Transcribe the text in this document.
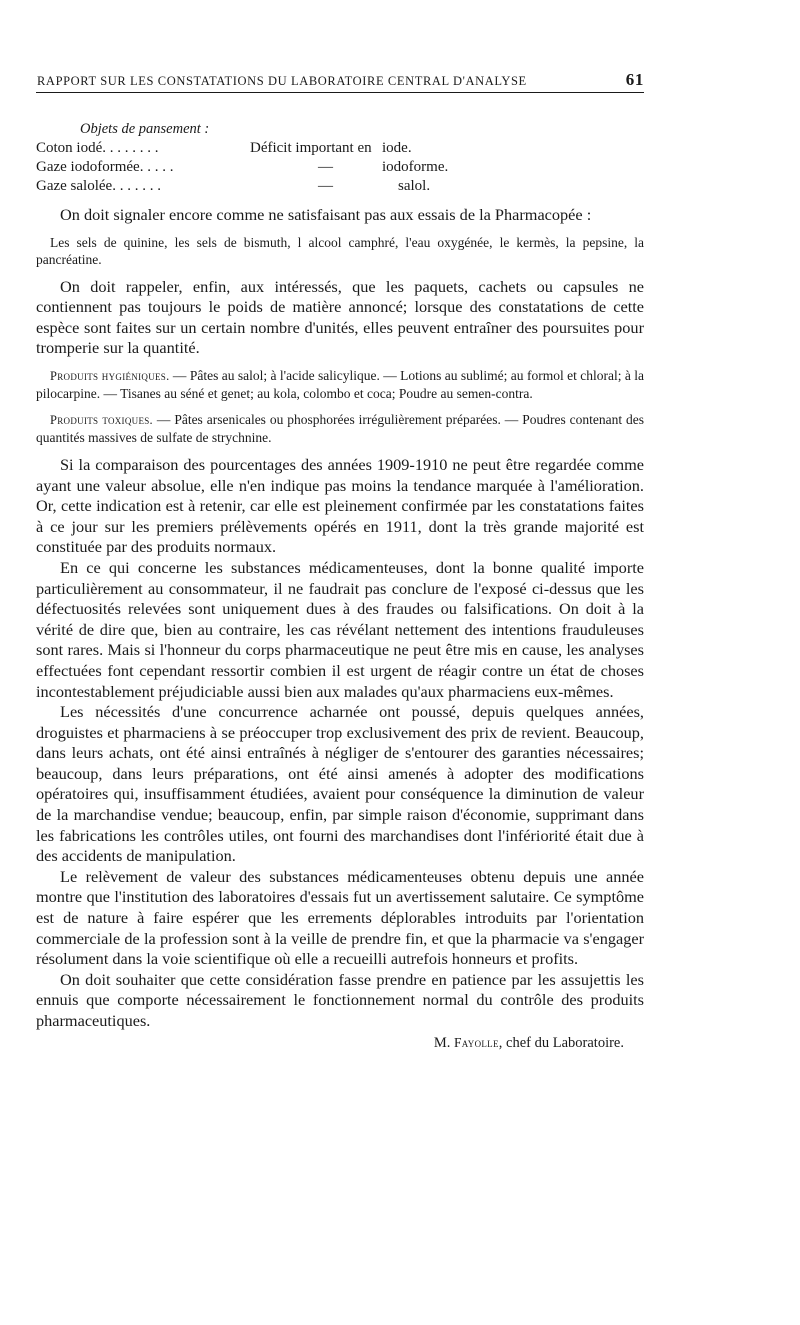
RAPPORT SUR LES CONSTATATIONS DU LABORATOIRE CENTRAL D'ANALYSE	61
Objets de pansement :
Coton iodé. . . . . . . .	Déficit important en iode.
Gaze iodoformée. . . . .	—	iodoforme.
Gaze salolée. . . . . . .	—	salol.

On doit signaler encore comme ne satisfaisant pas aux essais de la Pharmacopée :

Les sels de quinine, les sels de bismuth, l alcool camphré, l'eau oxygénée, le kermès, la pepsine, la pancréatine.

On doit rappeler, enfin, aux intéressés, que les paquets, cachets ou capsules ne contiennent pas toujours le poids de matière annoncé; lorsque des constatations de cette espèce sont faites sur un certain nombre d'unités, elles peuvent entraîner des poursuites pour tromperie sur la quantité.

Produits hygiéniques. — Pâtes au salol; à l'acide salicylique. — Lotions au sublimé; au formol et chloral; à la pilocarpine. — Tisanes au séné et genet; au kola, colombo et coca; Poudre au semen-contra.

Produits toxiques. — Pâtes arsenicales ou phosphorées irrégulièrement préparées. — Poudres contenant des quantités massives de sulfate de strychnine.

Si la comparaison des pourcentages des années 1909-1910 ne peut être regardée comme ayant une valeur absolue, elle n'en indique pas moins la tendance marquée à l'amélioration. Or, cette indication est à retenir, car elle est pleinement confirmée par les constatations faites à ce jour sur les premiers prélèvements opérés en 1911, dont la très grande majorité est constituée par des produits normaux.

En ce qui concerne les substances médicamenteuses, dont la bonne qualité importe particulièrement au consommateur, il ne faudrait pas conclure de l'exposé ci-dessus que les défectuosités relevées sont uniquement dues à des fraudes ou falsifications. On doit à la vérité de dire que, bien au contraire, les cas révélant nettement des intentions frauduleuses sont rares. Mais si l'honneur du corps pharmaceutique ne peut être mis en cause, les analyses effectuées font cependant ressortir combien il est urgent de réagir contre un état de choses incontestablement préjudiciable aussi bien aux malades qu'aux pharmaciens eux-mêmes.

Les nécessités d'une concurrence acharnée ont poussé, depuis quelques années, droguistes et pharmaciens à se préoccuper trop exclusivement des prix de revient. Beaucoup, dans leurs achats, ont été ainsi entraînés à négliger de s'entourer des garanties nécessaires; beaucoup, dans leurs préparations, ont été ainsi amenés à adopter des modifications opératoires qui, insuffisamment étudiées, avaient pour conséquence la diminution de valeur de la marchandise vendue; beaucoup, enfin, par simple raison d'économie, supprimant dans les fabrications les contrôles utiles, ont fourni des marchandises dont l'infériorité était due à des accidents de manipulation.

Le relèvement de valeur des substances médicamenteuses obtenu depuis une année montre que l'institution des laboratoires d'essais fut un avertissement salutaire. Ce symptôme est de nature à faire espérer que les errements déplorables introduits par l'orientation commerciale de la profession sont à la veille de prendre fin, et que la pharmacie va s'engager résolument dans la voie scientifique où elle a recueilli autrefois honneurs et profits.

On doit souhaiter que cette considération fasse prendre en patience par les assujettis les ennuis que comporte nécessairement le fonctionnement normal du contrôle des produits pharmaceutiques.

M. Fayolle, chef du Laboratoire.
